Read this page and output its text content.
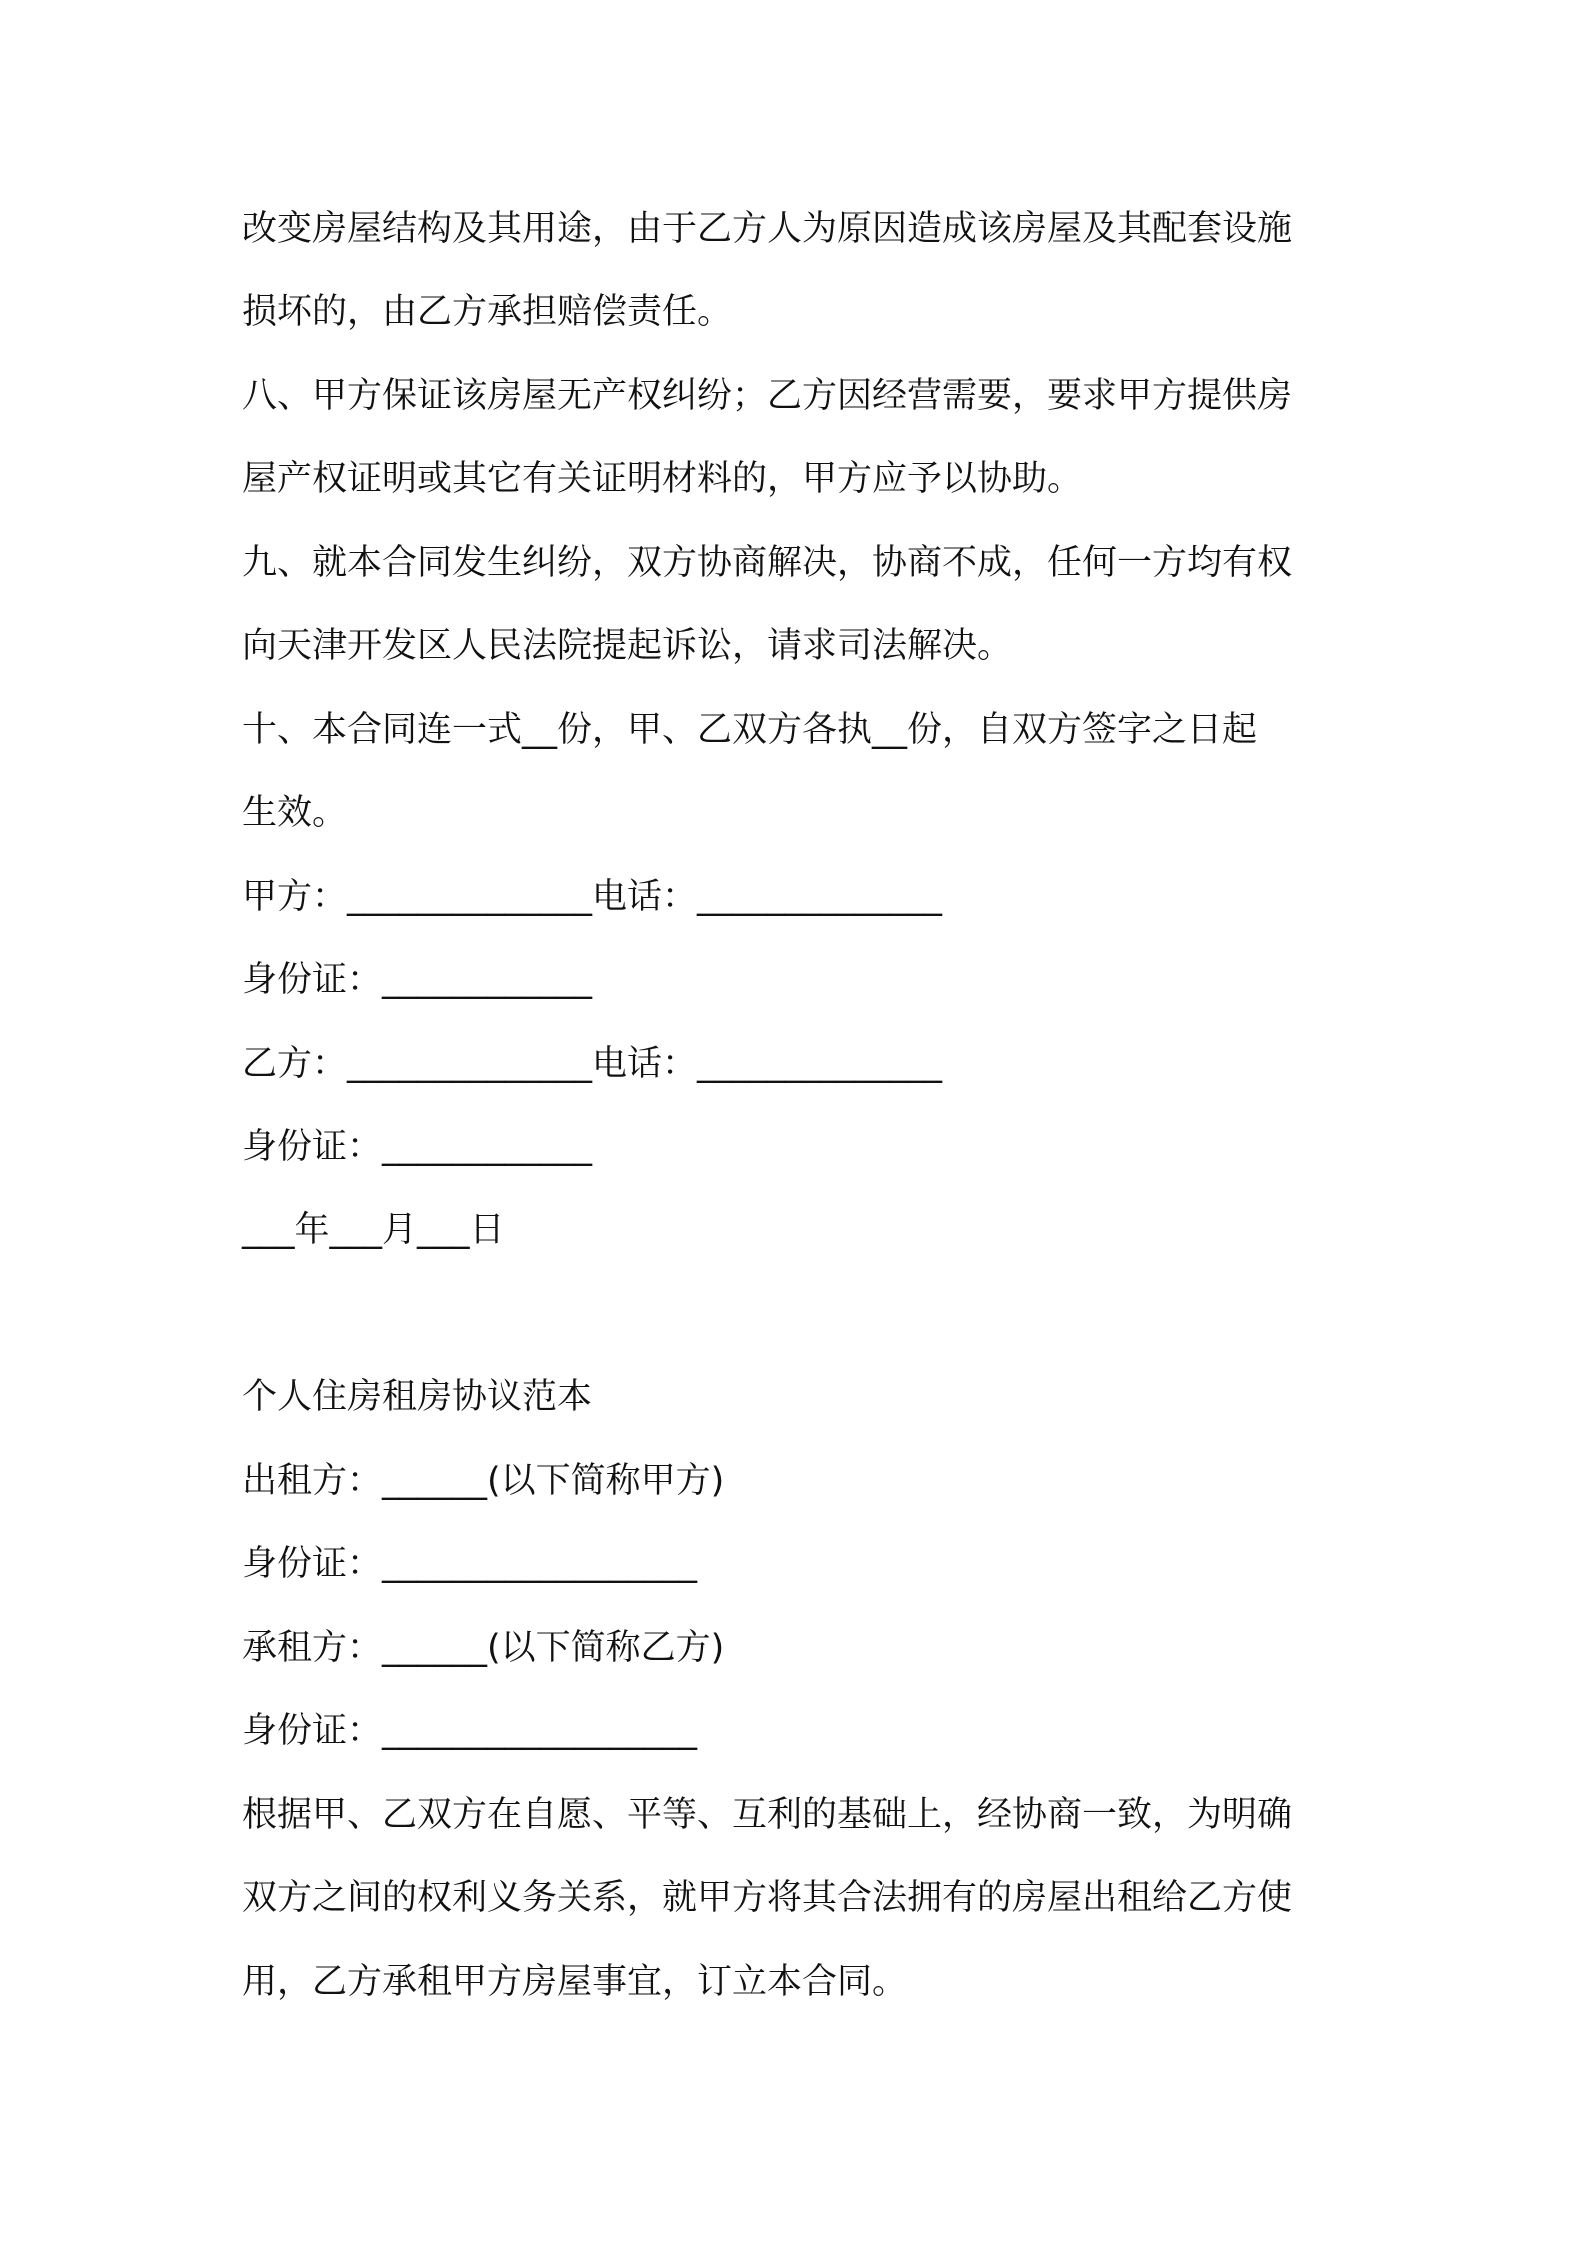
改变房屋结构及其用途，由于乙方人为原因造成该房屋及其配套设施
损坏的，由乙方承担赔偿责任。
八、甲方保证该房屋无产权纠纷；乙方因经营需要，要求甲方提供房
屋产权证明或其它有关证明材料的，甲方应予以协助。
九、就本合同发生纠纷，双方协商解决，协商不成，任何一方均有权
向天津开发区人民法院提起诉讼，请求司法解决。
十、本合同连一式__份，甲、乙双方各执__份，自双方签字之日起
生效。
甲方：______________电话：______________
身份证：____________
乙方：______________电话：______________
身份证：____________
___年___月___日
个人住房租房协议范本
出租方：______(以下简称甲方)
身份证：__________________
承租方：______(以下简称乙方)
身份证：__________________
根据甲、乙双方在自愿、平等、互利的基础上，经协商一致，为明确
双方之间的权利义务关系，就甲方将其合法拥有的房屋出租给乙方使
用，乙方承租甲方房屋事宜，订立本合同。
